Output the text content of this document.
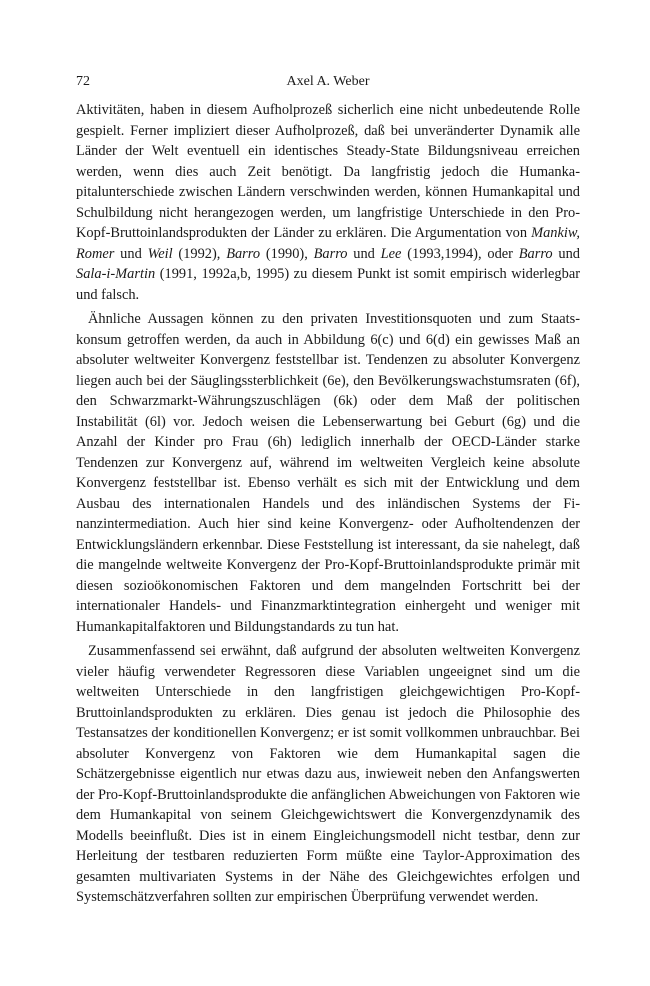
72	Axel A. Weber

Aktivitäten, haben in diesem Aufholprozeß sicherlich eine nicht unbedeutende Rolle gespielt. Ferner impliziert dieser Aufholprozeß, daß bei unveränderter Dynamik alle Länder der Welt eventuell ein identisches Steady-State Bildungsniveau erreichen werden, wenn dies auch Zeit benötigt. Da langfristig jedoch die Humankapitalunterschiede zwischen Ländern verschwinden werden, können Humankapital und Schulbildung nicht herangezogen werden, um langfristige Unterschiede in den Pro-Kopf-Bruttoinlandsprodukten der Länder zu erklären. Die Argumentation von Mankiw, Romer und Weil (1992), Barro (1990), Barro und Lee (1993,1994), oder Barro und Sala-i-Martin (1991, 1992a,b, 1995) zu diesem Punkt ist somit empirisch widerlegbar und falsch.

Ähnliche Aussagen können zu den privaten Investitionsquoten und zum Staatskonsum getroffen werden, da auch in Abbildung 6(c) und 6(d) ein gewisses Maß an absoluter weltweiter Konvergenz feststellbar ist. Tendenzen zu absoluter Konvergenz liegen auch bei der Säuglingssterblichkeit (6e), den Bevölkerungswachstumsraten (6f), den Schwarzmarkt-Währungszuschlägen (6k) oder dem Maß der politischen Instabilität (6l) vor. Jedoch weisen die Lebenserwartung bei Geburt (6g) und die Anzahl der Kinder pro Frau (6h) lediglich innerhalb der OECD-Länder starke Tendenzen zur Konvergenz auf, während im weltweiten Vergleich keine absolute Konvergenz feststellbar ist. Ebenso verhält es sich mit der Entwicklung und dem Ausbau des internationalen Handels und des inländischen Systems der Finanzintermediation. Auch hier sind keine Konvergenz- oder Aufholtendenzen der Entwicklungsländern erkennbar. Diese Feststellung ist interessant, da sie nahelegt, daß die mangelnde weltweite Konvergenz der Pro-Kopf-Bruttoinlandsprodukte primär mit diesen sozioökonomischen Faktoren und dem mangelnden Fortschritt bei der internationaler Handels- und Finanzmarktintegration einhergeht und weniger mit Humankapitalfaktoren und Bildungstandards zu tun hat.

Zusammenfassend sei erwähnt, daß aufgrund der absoluten weltweiten Konvergenz vieler häufig verwendeter Regressoren diese Variablen ungeeignet sind um die weltweiten Unterschiede in den langfristigen gleichgewichtigen Pro-Kopf-Bruttoinlandsprodukten zu erklären. Dies genau ist jedoch die Philosophie des Testansatzes der konditionellen Konvergenz; er ist somit vollkommen unbrauchbar. Bei absoluter Konvergenz von Faktoren wie dem Humankapital sagen die Schätzergebnisse eigentlich nur etwas dazu aus, inwieweit neben den Anfangswerten der Pro-Kopf-Bruttoinlandsprodukte die anfänglichen Abweichungen von Faktoren wie dem Humankapital von seinem Gleichgewichtswert die Konvergenzdynamik des Modells beeinflußt. Dies ist in einem Eingleichungsmodell nicht testbar, denn zur Herleitung der testbaren reduzierten Form müßte eine Taylor-Approximation des gesamten multivariaten Systems in der Nähe des Gleichgewichtes erfolgen und Systemschätzverfahren sollten zur empirischen Überprüfung verwendet werden.
